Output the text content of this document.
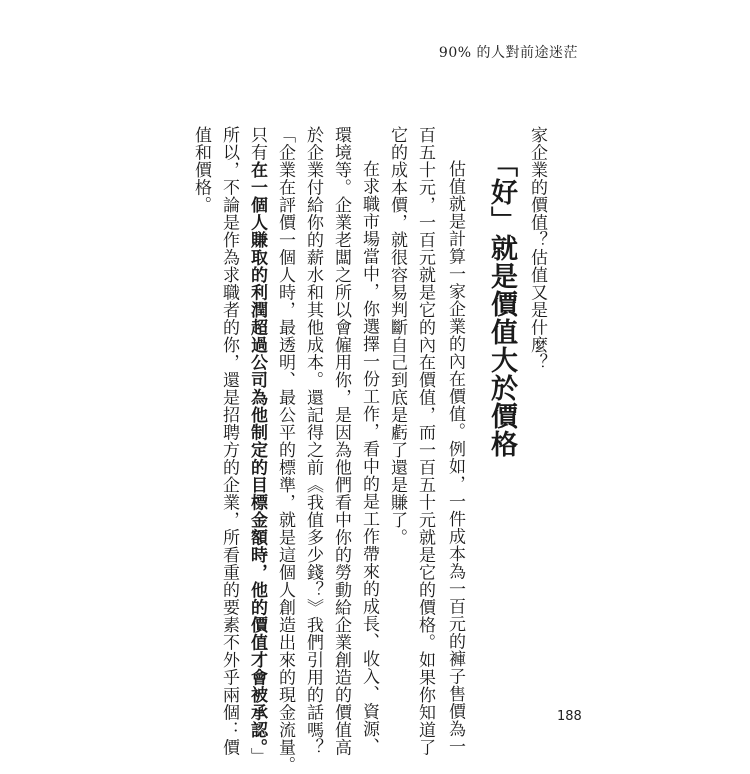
90% 的人對前途迷茫
家企業的價值？估值又是什麼？
「好」就是價值大於價格
估值就是計算一家企業的內在價值。例如，一件成本為一百元的褲子售價為一
百五十元，一百元就是它的內在價值，而一百五十元就是它的價格。如果你知道了
它的成本價，就很容易判斷自己到底是虧了還是賺了。
在求職市場當中，你選擇一份工作，看中的是工作帶來的成長、收入、資源、
環境等。企業老闆之所以會僱用你，是因為他們看中你的勞動給企業創造的價值高
於企業付給你的薪水和其他成本。還記得之前《我值多少錢？》我們引用的話嗎？
「企業在評價一個人時，最透明、最公平的標準，就是這個人創造出來的現金流量。
只有在一個人賺取的利潤超過公司為他制定的目標金額時，他的價值才會被承認。」
所以，不論是作為求職者的你，還是招聘方的企業，所看重的要素不外乎兩個：價
值和價格。
188
